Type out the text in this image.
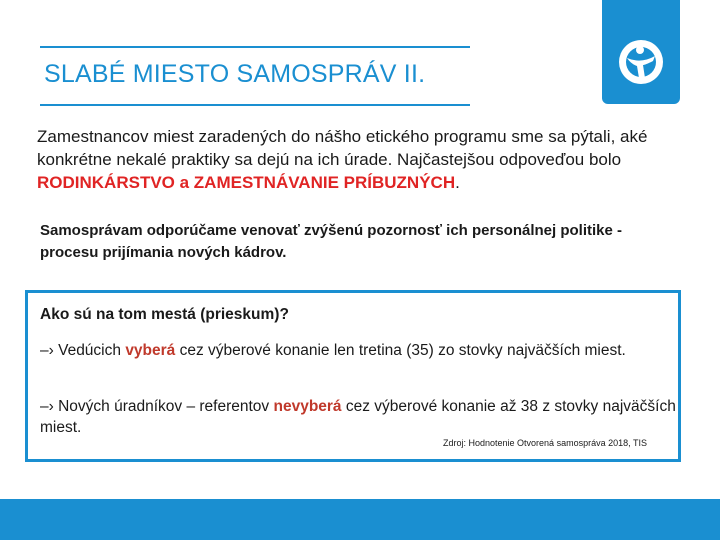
SLABÉ MIESTO SAMOSPRÁV II.
Zamestnancov miest zaradených do nášho etického programu sme sa pýtali, aké konkrétne nekalé praktiky sa dejú na ich úrade. Najčastejšou odpoveďou bolo RODINKÁRSTVO a ZAMESTNÁVANIE PRÍBUZNÝCH.
Samosprávam odporúčame venovať zvýšenú pozornosť ich personálnej politike - procesu prijímania nových kádrov.
Ako sú na tom mestá (prieskum)?
–› Vedúcich vyberá cez výberové konanie len tretina (35) zo stovky najväčších miest.
–› Nových úradníkov – referentov nevyberá cez výberové konanie až 38 z stovky najväčších miest.
Zdroj: Hodnotenie Otvorená samospráva 2018, TIS
